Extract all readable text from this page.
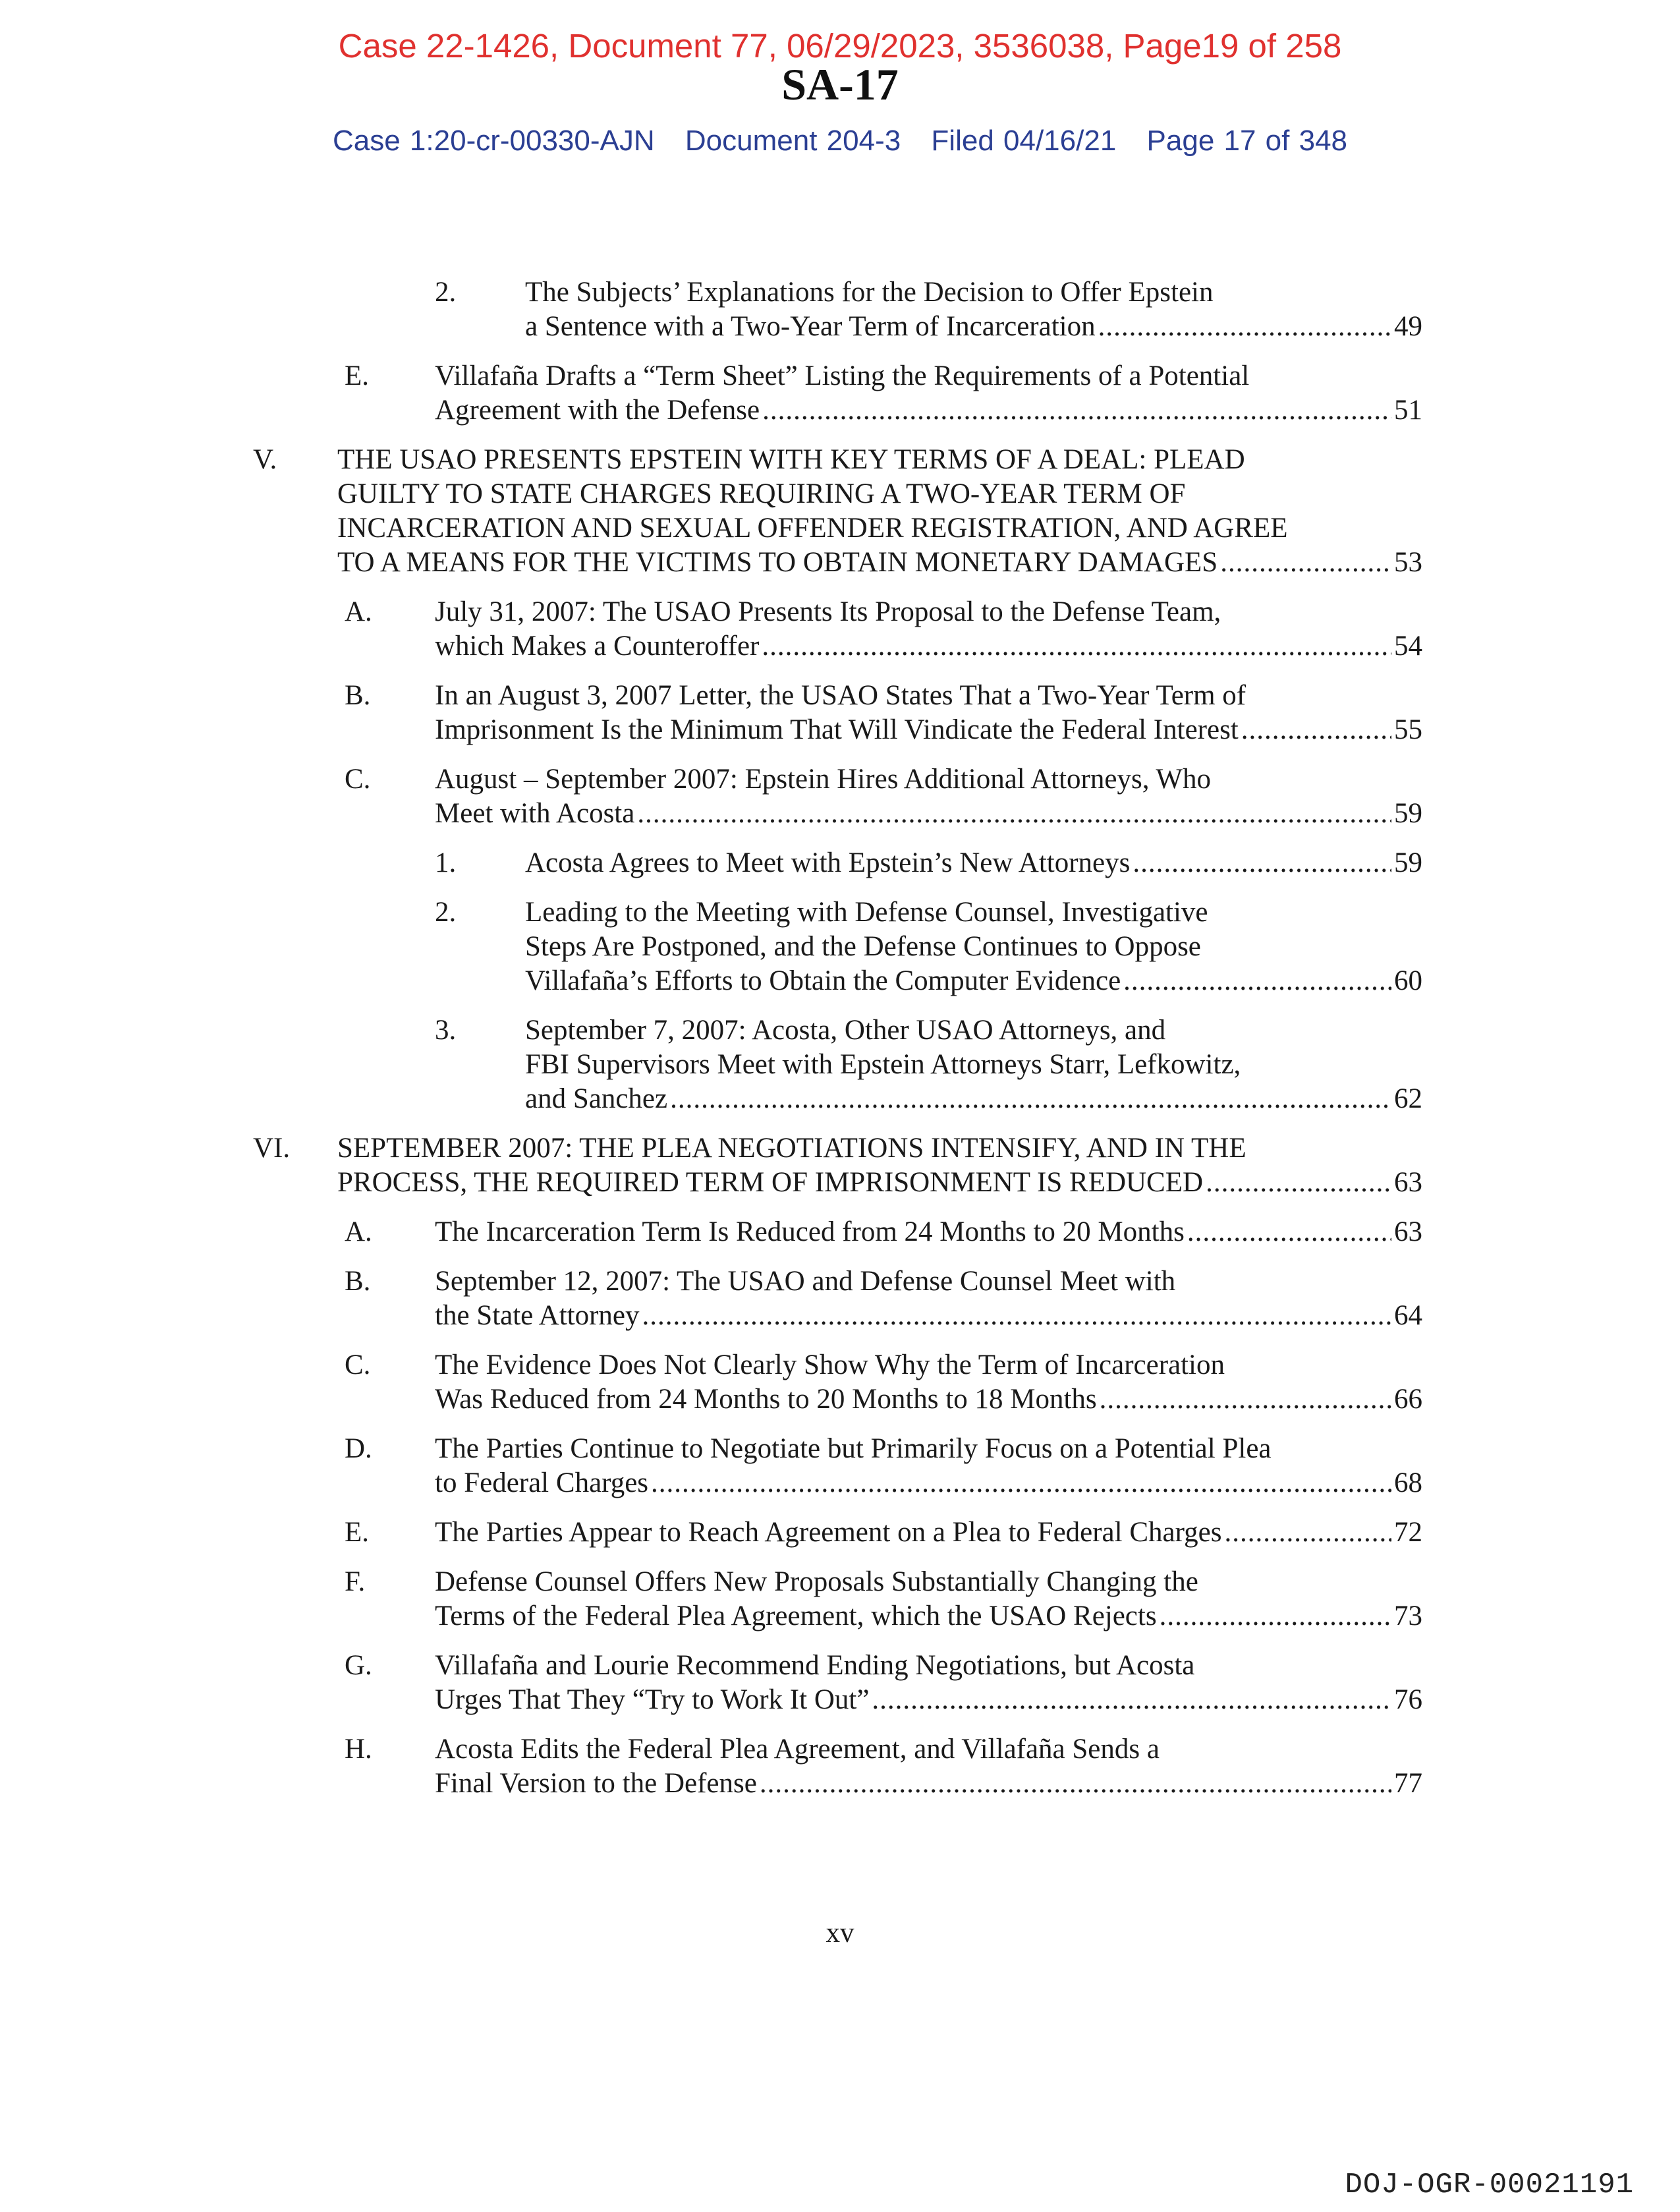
Case 22-1426, Document 77, 06/29/2023, 3536038, Page19 of 258
SA-17
Case 1:20-cr-00330-AJN Document 204-3 Filed 04/16/21 Page 17 of 348
2. The Subjects’ Explanations for the Decision to Offer Epstein
a Sentence with a Two-Year Term of Incarceration .....	49
E. Villafaña Drafts a “Term Sheet” Listing the Requirements of a Potential
Agreement with the Defense .....	51
V. THE USAO PRESENTS EPSTEIN WITH KEY TERMS OF A DEAL: PLEAD
GUILTY TO STATE CHARGES REQUIRING A TWO-YEAR TERM OF
INCARCERATION AND SEXUAL OFFENDER REGISTRATION, AND AGREE
TO A MEANS FOR THE VICTIMS TO OBTAIN MONETARY DAMAGES .....	53
A. July 31, 2007: The USAO Presents Its Proposal to the Defense Team,
which Makes a Counteroffer .....	54
B. In an August 3, 2007 Letter, the USAO States That a Two-Year Term of
Imprisonment Is the Minimum That Will Vindicate the Federal Interest .....	55
C. August – September 2007: Epstein Hires Additional Attorneys, Who
Meet with Acosta .....	59
1. Acosta Agrees to Meet with Epstein’s New Attorneys .....	59
2. Leading to the Meeting with Defense Counsel, Investigative
Steps Are Postponed, and the Defense Continues to Oppose
Villafaña’s Efforts to Obtain the Computer Evidence .....	60
3. September 7, 2007: Acosta, Other USAO Attorneys, and
FBI Supervisors Meet with Epstein Attorneys Starr, Lefkowitz,
and Sanchez .....	62
VI. SEPTEMBER 2007: THE PLEA NEGOTIATIONS INTENSIFY, AND IN THE
PROCESS, THE REQUIRED TERM OF IMPRISONMENT IS REDUCED .....	63
A. The Incarceration Term Is Reduced from 24 Months to 20 Months .....	63
B. September 12, 2007: The USAO and Defense Counsel Meet with
the State Attorney .....	64
C. The Evidence Does Not Clearly Show Why the Term of Incarceration
Was Reduced from 24 Months to 20 Months to 18 Months .....	66
D. The Parties Continue to Negotiate but Primarily Focus on a Potential Plea
to Federal Charges .....	68
E. The Parties Appear to Reach Agreement on a Plea to Federal Charges .....	72
F. Defense Counsel Offers New Proposals Substantially Changing the
Terms of the Federal Plea Agreement, which the USAO Rejects .....	73
G. Villafaña and Lourie Recommend Ending Negotiations, but Acosta
Urges That They “Try to Work It Out” .....	76
H. Acosta Edits the Federal Plea Agreement, and Villafaña Sends a
Final Version to the Defense .....	77
xv
DOJ-OGR-00021191
